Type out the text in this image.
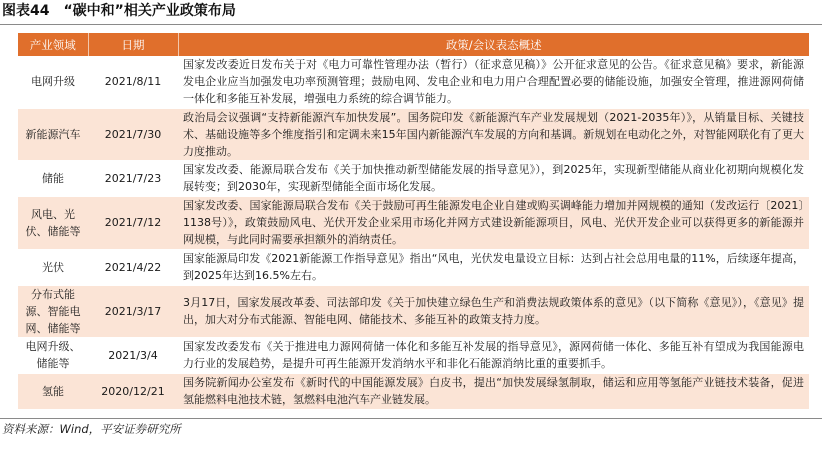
图表44 “碳中和”相关产业政策布局
产业领域	日期	政策/会议表态概述
电网升级	2021/8/11	国家发改委近日发布关于对《电力可靠性管理办法（暂行）（征求意见稿）》公开征求意见的公告。《征求意见稿》要求，新能源发电企业应当加强发电功率预测管理；鼓励电网、发电企业和电力用户合理配置必要的储能设施，加强安全管理，推进源网荷储一体化和多能互补发展，增强电力系统的综合调节能力。
新能源汽车	2021/7/30	政治局会议强调“支持新能源汽车加快发展”。国务院印发《新能源汽车产业发展规划（2021-2035年）》，从销量目标、关键技术、基础设施等多个维度指引和定调未来15年国内新能源汽车发展的方向和基调。新规划在电动化之外，对智能网联化有了更大力度推动。
储能	2021/7/23	国家发改委、能源局联合发布《关于加快推动新型储能发展的指导意见》），到2025年，实现新型储能从商业化初期向规模化发展转变；到2030年，实现新型储能全面市场化发展。
风电、光伏、储能等	2021/7/12	国家发改委、国家能源局联合发布《关于鼓励可再生能源发电企业自建或购买调峰能力增加并网规模的通知（发改运行〔2021〕1138号）》，政策鼓励风电、光伏开发企业采用市场化并网方式建设新能源项目，风电、光伏开发企业可以获得更多的新能源并网规模，与此同时需要承担额外的消纳责任。
光伏	2021/4/22	国家能源局印发《2021新能源工作指导意见》指出“风电，光伏发电量设立目标：达到占社会总用电量的11%，后续逐年提高，到2025年达到16.5%左右。
分布式能源、智能电网、储能等	2021/3/17	3月17日，国家发展改革委、司法部印发《关于加快建立绿色生产和消费法规政策体系的意见》（以下简称《意见》），《意见》提出，加大对分布式能源、智能电网、储能技术、多能互补的政策支持力度。
电网升级、储能等	2021/3/4	国家发改委发布《关于推进电力源网荷储一体化和多能互补发展的指导意见》，源网荷储一体化、多能互补有望成为我国能源电力行业的发展趋势，是提升可再生能源开发消纳水平和非化石能源消纳比重的重要抓手。
氢能	2020/12/21	国务院新闻办公室发布《新时代的中国能源发展》白皮书，提出“加快发展绿氢制取，储运和应用等氢能产业链技术装备，促进氢能燃料电池技术链，氢燃料电池汽车产业链发展。
资料来源：Wind，平安证券研究所
